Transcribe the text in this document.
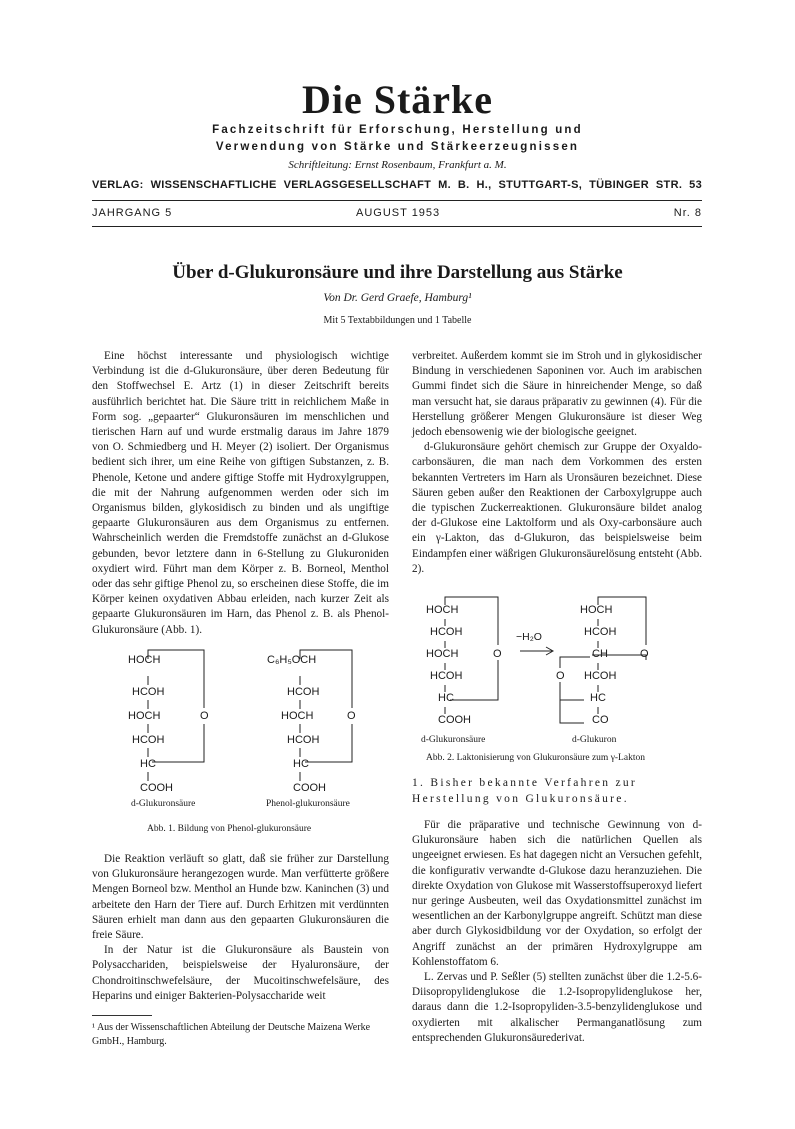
Die Stärke
Fachzeitschrift für Erforschung, Herstellung und
Verwendung von Stärke und Stärkeerzeugnissen
Schriftleitung: Ernst Rosenbaum, Frankfurt a. M.
VERLAG: WISSENSCHAFTLICHE VERLAGSGESELLSCHAFT M. B. H., STUTTGART-S, TÜBINGER STR. 53
JAHRGANG 5	AUGUST 1953	Nr. 8
Über d-Glukuronsäure und ihre Darstellung aus Stärke
Von Dr. Gerd Graefe, Hamburg¹
Mit 5 Textabbildungen und 1 Tabelle

Eine höchst interessante und physiologisch wichtige Verbindung ist die d-Glukuronsäure, über deren Bedeutung für den Stoffwechsel E. Artz (1) in dieser Zeitschrift bereits ausführlich berichtet hat. Die Säure tritt in reichlichem Maße in Form sog. „gepaarter“ Glukuronsäuren im menschlichen und tierischen Harn auf und wurde erstmalig daraus im Jahre 1879 von O. Schmiedberg und H. Meyer (2) isoliert. Der Organismus bedient sich ihrer, um eine Reihe von giftigen Substanzen, z. B. Phenole, Ketone und andere giftige Stoffe mit Hydroxylgruppen, die mit der Nahrung aufgenommen werden oder sich im Organismus bilden, glykosidisch zu binden und als ungiftige gepaarte Glukuronsäuren aus dem Organismus zu entfernen. Wahrscheinlich werden die Fremdstoffe zunächst an d-Glukose gebunden, bevor letztere dann in 6-Stellung zu Glukuroniden oxydiert wird. Führt man dem Körper z. B. Borneol, Menthol oder das sehr giftige Phenol zu, so erscheinen diese Stoffe, die im Körper keinen oxydativen Abbau erleiden, nach kurzer Zeit als gepaarte Glukuronsäuren im Harn, das Phenol z. B. als Phenol-Glukuronsäure (Abb. 1).

HOCH
HCOH
HOCH
HCOH
HC
COOH
O
C₆H₅OCH
HCOH
HOCH
HCOH
HC
COOH
O
d-Glukuronsäure	Phenol-glukuronsäure
Abb. 1. Bildung von Phenol-glukuronsäure

Die Reaktion verläuft so glatt, daß sie früher zur Darstellung von Glukuronsäure herangezogen wurde. Man verfütterte größere Mengen Borneol bzw. Menthol an Hunde bzw. Kaninchen (3) und arbeitete den Harn der Tiere auf. Durch Erhitzen mit verdünnten Säuren erhielt man dann aus den gepaarten Glukuronsäuren die freie Säure.

In der Natur ist die Glukuronsäure als Baustein von Polysacchariden, beispielsweise der Hyaluronsäure, der Chondroitinschwefelsäure, der Mucoitinschwefelsäure, des Heparins und einiger Bakterien-Polysaccharide weit

¹ Aus der Wissenschaftlichen Abteilung der Deutsche Maizena Werke GmbH., Hamburg.

verbreitet. Außerdem kommt sie im Stroh und in glykosidischer Bindung in verschiedenen Saponinen vor. Auch im arabischen Gummi findet sich die Säure in hinreichender Menge, so daß man versucht hat, sie daraus präparativ zu gewinnen (4). Für die Herstellung größerer Mengen Glukuronsäure ist dieser Weg jedoch ebensowenig wie der biologische geeignet.

d-Glukuronsäure gehört chemisch zur Gruppe der Oxyaldo-carbonsäuren, die man nach dem Vorkommen des ersten bekannten Vertreters im Harn als Uronsäuren bezeichnet. Diese Säuren geben außer den Reaktionen der Carboxylgruppe auch die typischen Zuckerreaktionen. Glukuronsäure bildet analog der d-Glukose eine Laktolform und als Oxy-carbonsäure auch ein γ-Lakton, das d-Glukuron, das beispielsweise beim Eindampfen einer wäßrigen Glukuronsäurelösung entsteht (Abb. 2).

HOCH
HCOH
HOCH
HCOH
HC
COOH
O
−H₂O
HOCH
HCOH
CH
HCOH
HC
CO
O
O
d-Glukuronsäure	d-Glukuron
Abb. 2. Laktonisierung von Glukuronsäure zum γ-Lakton
1. Bisher bekannte Verfahren zur Herstellung von Glukuronsäure.

Für die präparative und technische Gewinnung von d-Glukuronsäure haben sich die natürlichen Quellen als ungeeignet erwiesen. Es hat dagegen nicht an Versuchen gefehlt, die konfigurativ verwandte d-Glukose dazu heranzuziehen. Die direkte Oxydation von Glukose mit Wasserstoffsuperoxyd liefert nur geringe Ausbeuten, weil das Oxydationsmittel zunächst im wesentlichen an der Karbonylgruppe angreift. Schützt man diese aber durch Glykosidbildung vor der Oxydation, so erfolgt der Angriff zunächst an der primären Hydroxylgruppe am Kohlenstoffatom 6.

L. Zervas und P. Seßler (5) stellten zunächst über die 1.2-5.6-Diisopropylidenglukose die 1.2-Isopropylidenglukose her, daraus dann die 1.2-Isopropyliden-3.5-benzylidenglukose und oxydierten mit alkalischer Permanganatlösung zum entsprechenden Glukuronsäurederivat.
